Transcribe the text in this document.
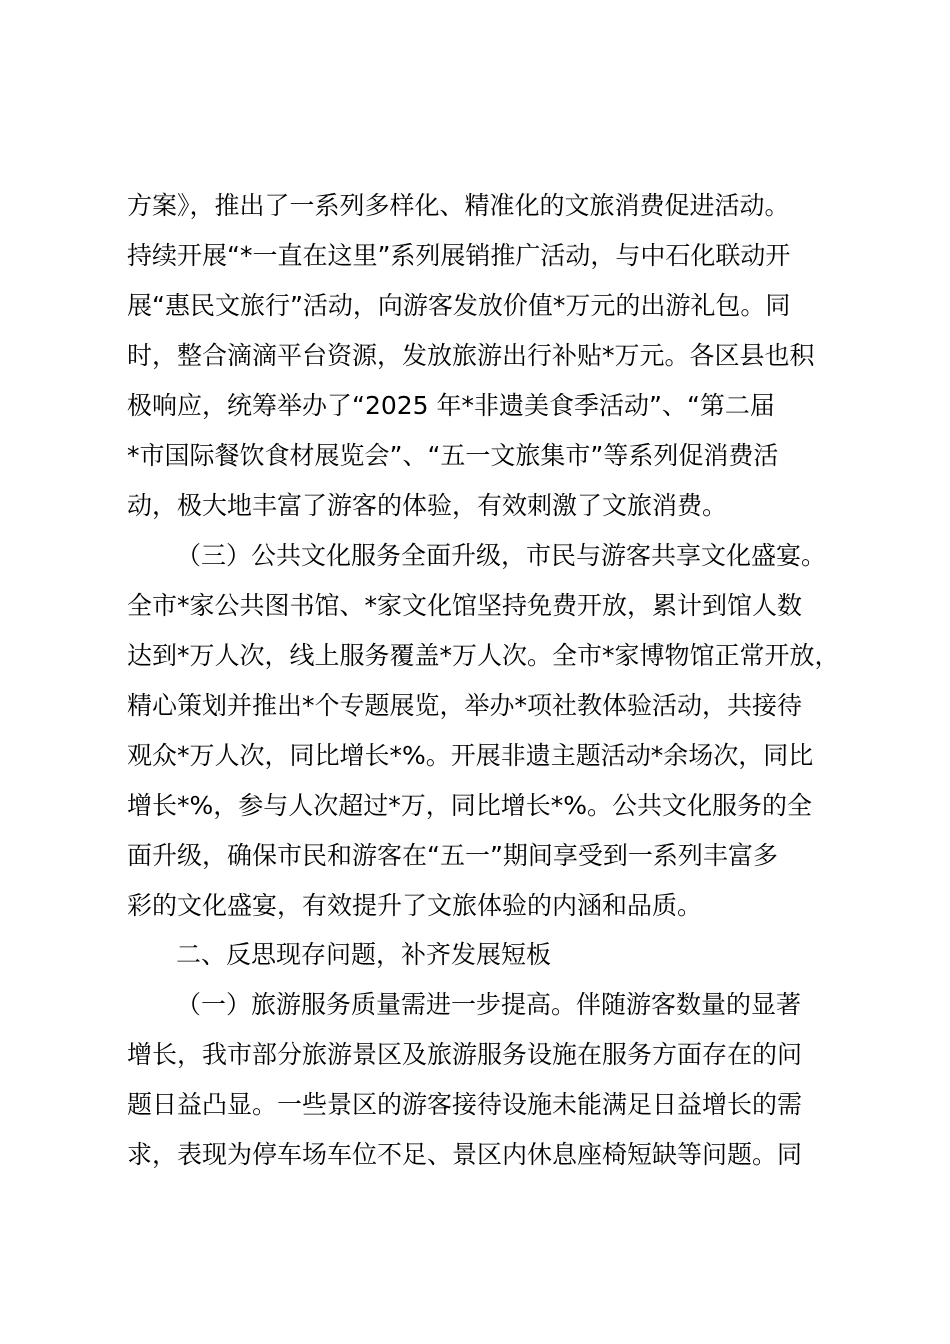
方案》，推出了一系列多样化、精准化的文旅消费促进活动。

持续开展“*一直在这里”系列展销推广活动，与中石化联动开

展“惠民文旅行”活动，向游客发放价值*万元的出游礼包。同

时，整合滴滴平台资源，发放旅游出行补贴*万元。各区县也积

极响应，统筹举办了“2025 年*非遗美食季活动”、“第二届

*市国际餐饮食材展览会”、“五一文旅集市”等系列促消费活

动，极大地丰富了游客的体验，有效刺激了文旅消费。

（三）公共文化服务全面升级，市民与游客共享文化盛宴。

全市*家公共图书馆、*家文化馆坚持免费开放，累计到馆人数

达到*万人次，线上服务覆盖*万人次。全市*家博物馆正常开放，

精心策划并推出*个专题展览，举办*项社教体验活动，共接待

观众*万人次，同比增长*%。开展非遗主题活动*余场次，同比

增长*%，参与人次超过*万，同比增长*%。公共文化服务的全

面升级，确保市民和游客在“五一”期间享受到一系列丰富多

彩的文化盛宴，有效提升了文旅体验的内涵和品质。

二、反思现存问题，补齐发展短板

（一）旅游服务质量需进一步提高。伴随游客数量的显著

增长，我市部分旅游景区及旅游服务设施在服务方面存在的问

题日益凸显。一些景区的游客接待设施未能满足日益增长的需

求，表现为停车场车位不足、景区内休息座椅短缺等问题。同
